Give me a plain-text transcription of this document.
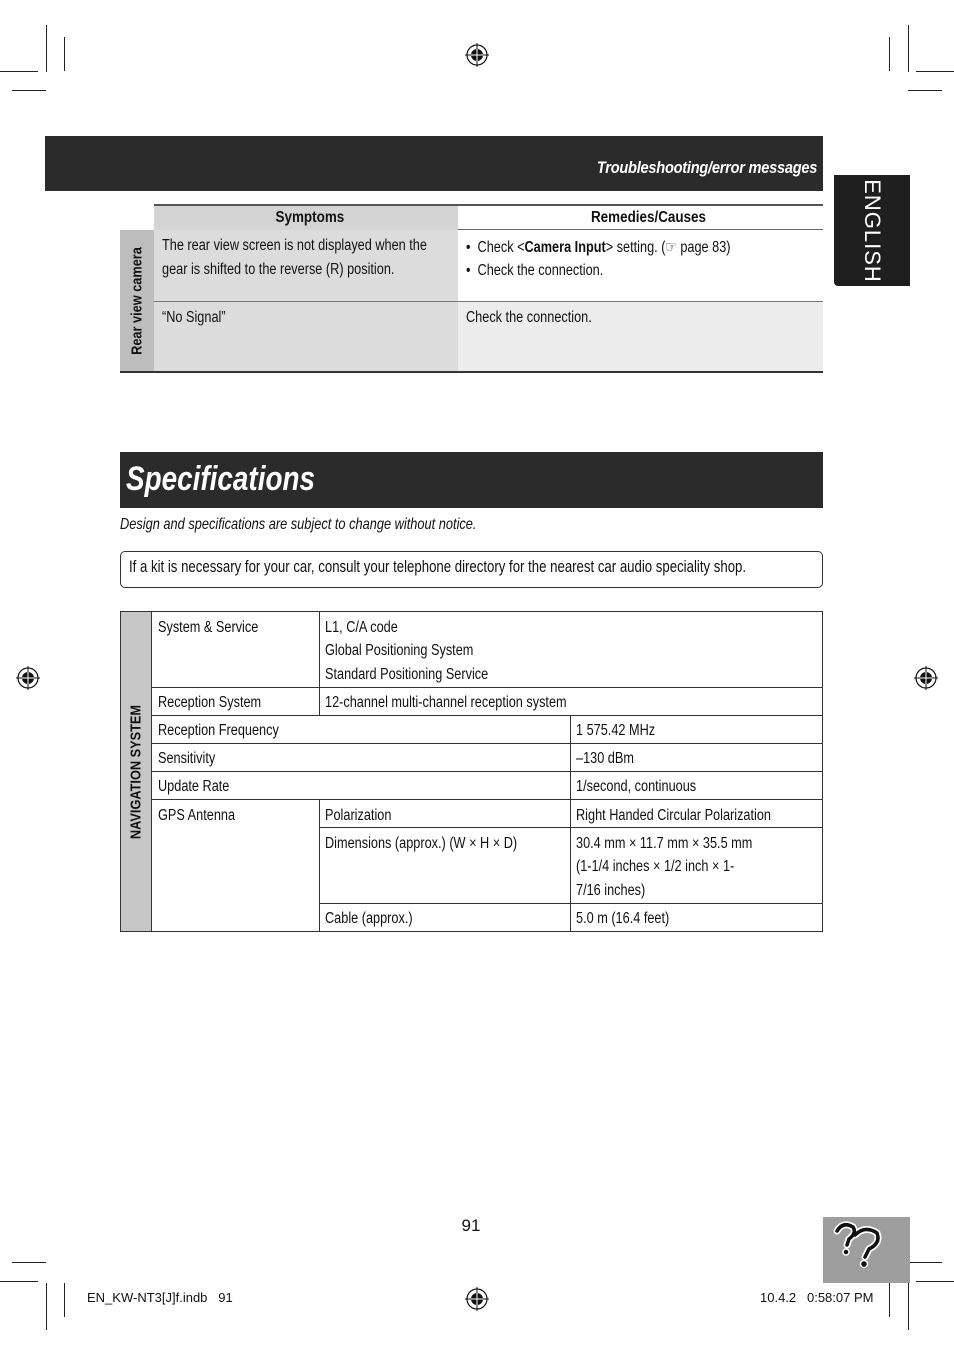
Troubleshooting/error messages
ENGLISH
Symptoms	Remedies/Causes
Rear view camera
The rear view screen is not displayed when the
gear is shifted to the reverse (R) position.
•  Check <Camera Input> setting. (☞ page 83)
•  Check the connection.
“No Signal”	Check the connection.
Specifications
Design and specifications are subject to change without notice.
If a kit is necessary for your car, consult your telephone directory for the nearest car audio speciality shop.
NAVIGATION SYSTEM
System & Service	L1, C/A code
Global Positioning System
Standard Positioning Service
Reception System	12-channel multi-channel reception system
Reception Frequency	1 575.42 MHz
Sensitivity	–130 dBm
Update Rate	1/second, continuous
GPS Antenna	Polarization	Right Handed Circular Polarization
Dimensions (approx.) (W × H × D)	30.4 mm × 11.7 mm × 35.5 mm
(1-1/4 inches × 1/2 inch × 1-
7/16 inches)
Cable (approx.)	5.0 m (16.4 feet)
91
EN_KW-NT3[J]f.indb   91	10.4.2   0:58:07 PM
